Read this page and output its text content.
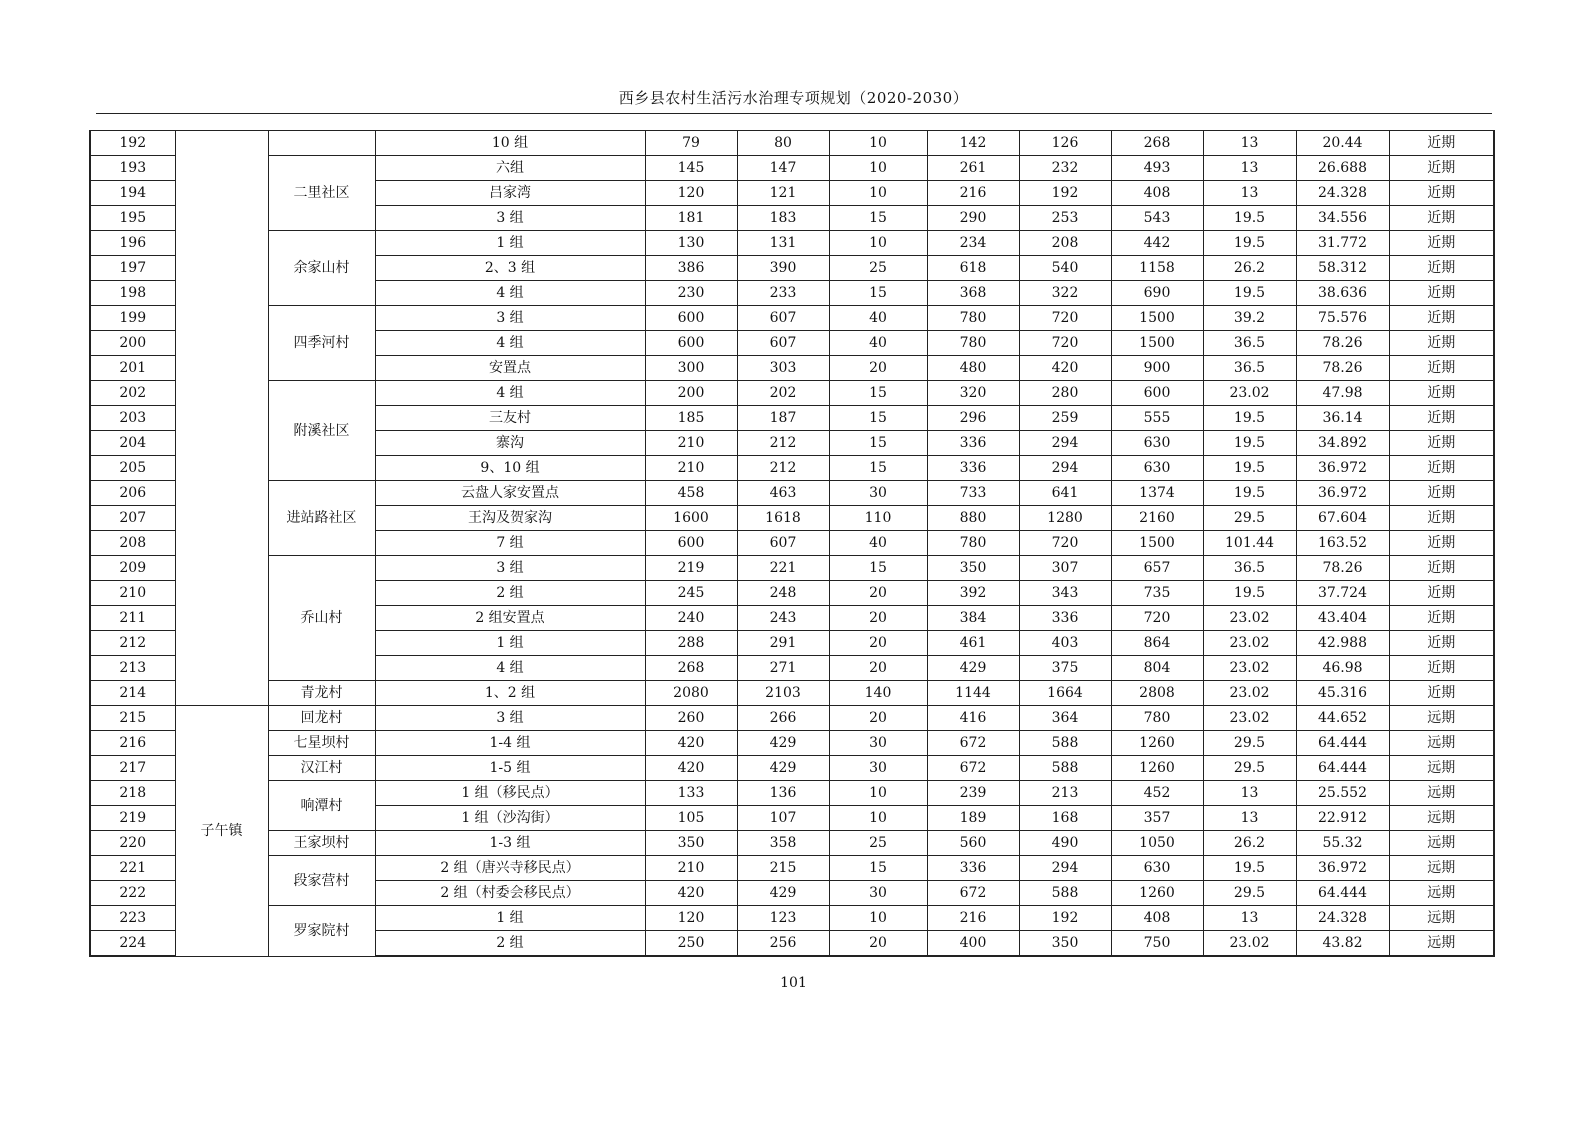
西乡县农村生活污水治理专项规划（2020-2030）
192			10 组	79	80	10	142	126	268	13	20.44	近期
193		二里社区	六组	145	147	10	261	232	493	13	26.688	近期
194			吕家湾	120	121	10	216	192	408	13	24.328	近期
195			3 组	181	183	15	290	253	543	19.5	34.556	近期
196		余家山村	1 组	130	131	10	234	208	442	19.5	31.772	近期
197			2、3 组	386	390	25	618	540	1158	26.2	58.312	近期
198			4 组	230	233	15	368	322	690	19.5	38.636	近期
199		四季河村	3 组	600	607	40	780	720	1500	39.2	75.576	近期
200			4 组	600	607	40	780	720	1500	36.5	78.26	近期
201			安置点	300	303	20	480	420	900	36.5	78.26	近期
202		附溪社区	4 组	200	202	15	320	280	600	23.02	47.98	近期
203			三友村	185	187	15	296	259	555	19.5	36.14	近期
204			寨沟	210	212	15	336	294	630	19.5	34.892	近期
205			9、10 组	210	212	15	336	294	630	19.5	36.972	近期
206		进站路社区	云盘人家安置点	458	463	30	733	641	1374	19.5	36.972	近期
207			王沟及贺家沟	1600	1618	110	880	1280	2160	29.5	67.604	近期
208			7 组	600	607	40	780	720	1500	101.44	163.52	近期
209		乔山村	3 组	219	221	15	350	307	657	36.5	78.26	近期
210			2 组	245	248	20	392	343	735	19.5	37.724	近期
211			2 组安置点	240	243	20	384	336	720	23.02	43.404	近期
212			1 组	288	291	20	461	403	864	23.02	42.988	近期
213			4 组	268	271	20	429	375	804	23.02	46.98	近期
214		青龙村	1、2 组	2080	2103	140	1144	1664	2808	23.02	45.316	近期
215	子午镇	回龙村	3 组	260	266	20	416	364	780	23.02	44.652	远期
216		七星坝村	1-4 组	420	429	30	672	588	1260	29.5	64.444	远期
217		汉江村	1-5 组	420	429	30	672	588	1260	29.5	64.444	远期
218		响潭村	1 组（移民点）	133	136	10	239	213	452	13	25.552	远期
219			1 组（沙沟街）	105	107	10	189	168	357	13	22.912	远期
220		王家坝村	1-3 组	350	358	25	560	490	1050	26.2	55.32	远期
221		段家营村	2 组（唐兴寺移民点）	210	215	15	336	294	630	19.5	36.972	远期
222			2 组（村委会移民点）	420	429	30	672	588	1260	29.5	64.444	远期
223		罗家院村	1 组	120	123	10	216	192	408	13	24.328	远期
224			2 组	250	256	20	400	350	750	23.02	43.82	远期
101
